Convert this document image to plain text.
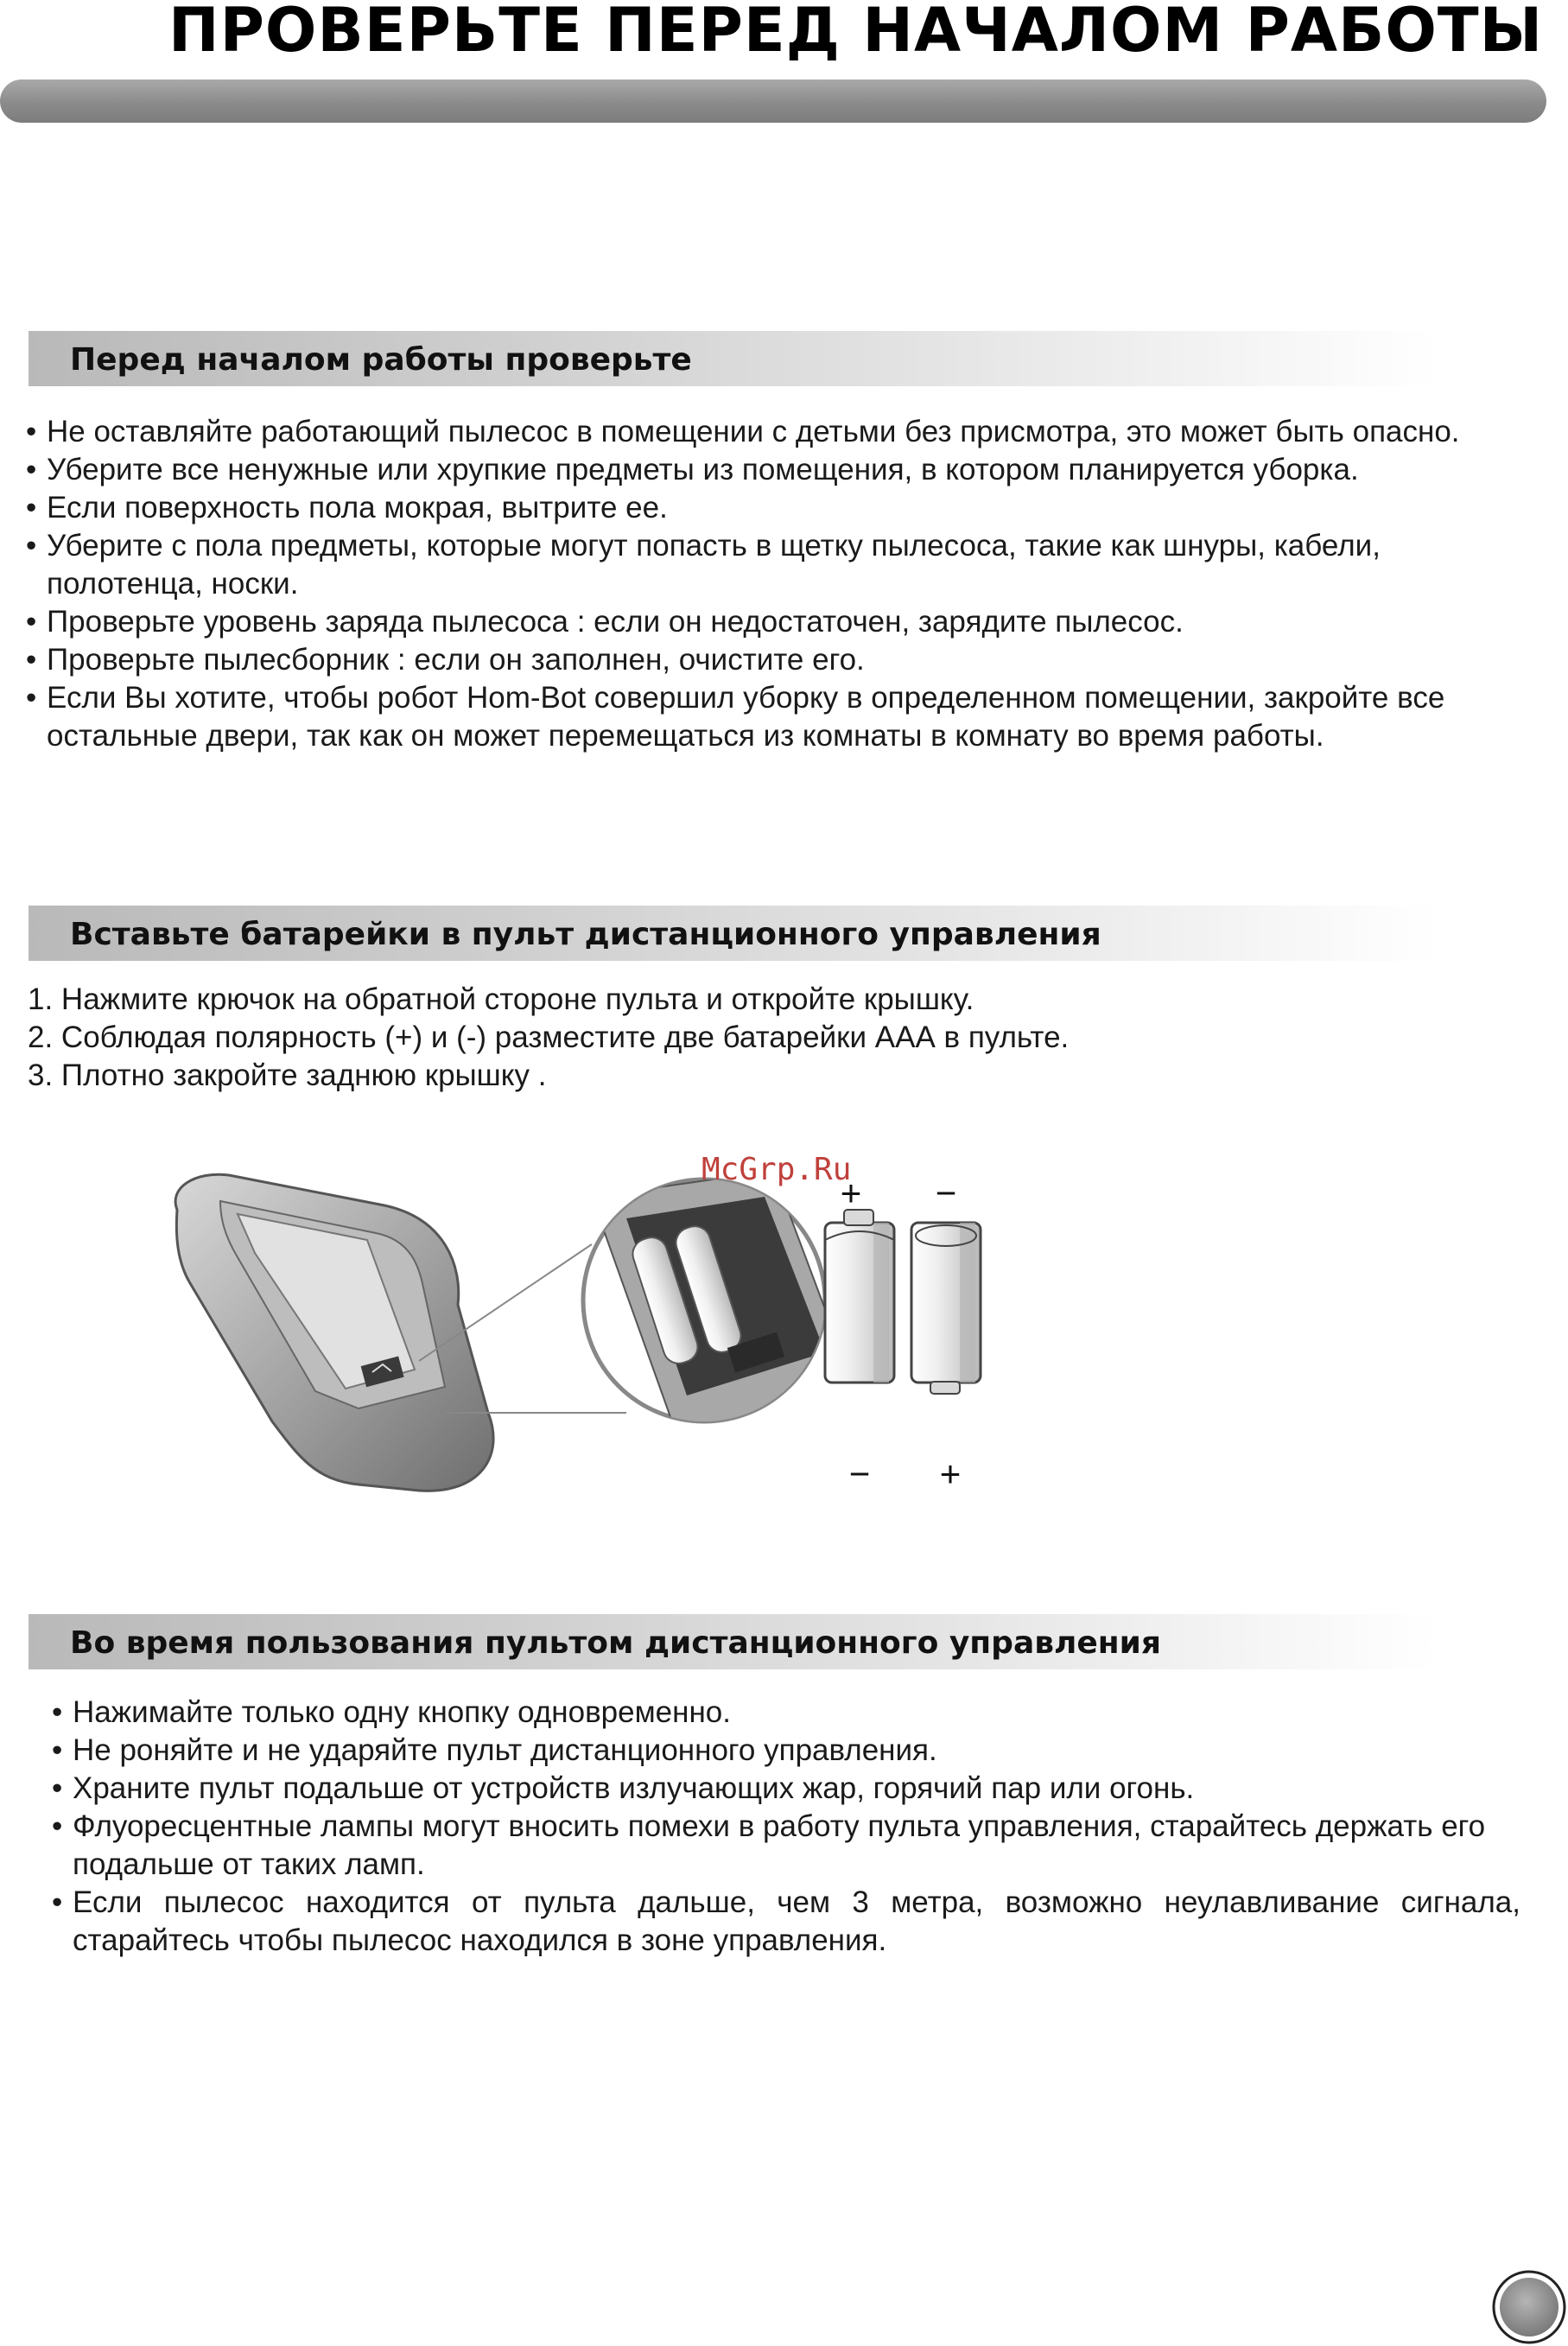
ПРОВЕРЬТЕ ПЕРЕД НАЧАЛОМ РАБОТЫ
Перед началом работы проверьте
• Не оставляйте работающий пылесос в помещении с детьми без присмотра, это может быть опасно.
• Уберите все ненужные или хрупкие предметы из помещения, в котором планируется уборка.
• Если поверхность пола мокрая, вытрите ее.
• Уберите с пола предметы, которые могут попасть в щетку пылесоса, такие как шнуры, кабели, полотенца, носки.
• Проверьте уровень заряда пылесоса : если он недостаточен, зарядите пылесос.
• Проверьте пылесборник : если он заполнен, очистите его.
• Если Вы хотите, чтобы робот Hom-Bot совершил уборку в определенном помещении, закройте все остальные двери, так как он может перемещаться из комнаты в комнату во время работы.
Вставьте батарейки в пульт дистанционного управления
1. Нажмите крючок на обратной стороне пульта и откройте крышку.
2. Соблюдая полярность (+) и (-) разместите две батарейки ААА в пульте.
3. Плотно закройте заднюю крышку .
+ −
− +
McGrp.Ru
Во время пользования пультом дистанционного управления
• Нажимайте только одну кнопку одновременно.
• Не роняйте и не ударяйте пульт дистанционного управления.
• Храните пульт подальше от устройств излучающих жар, горячий пар или огонь.
• Флуоресцентные лампы могут вносить помехи в работу пульта управления, старайтесь держать его подальше от таких ламп.
• Если пылесос находится от пульта дальше, чем 3 метра, возможно неулавливание сигнала, старайтесь чтобы пылесос находился в зоне управления.
